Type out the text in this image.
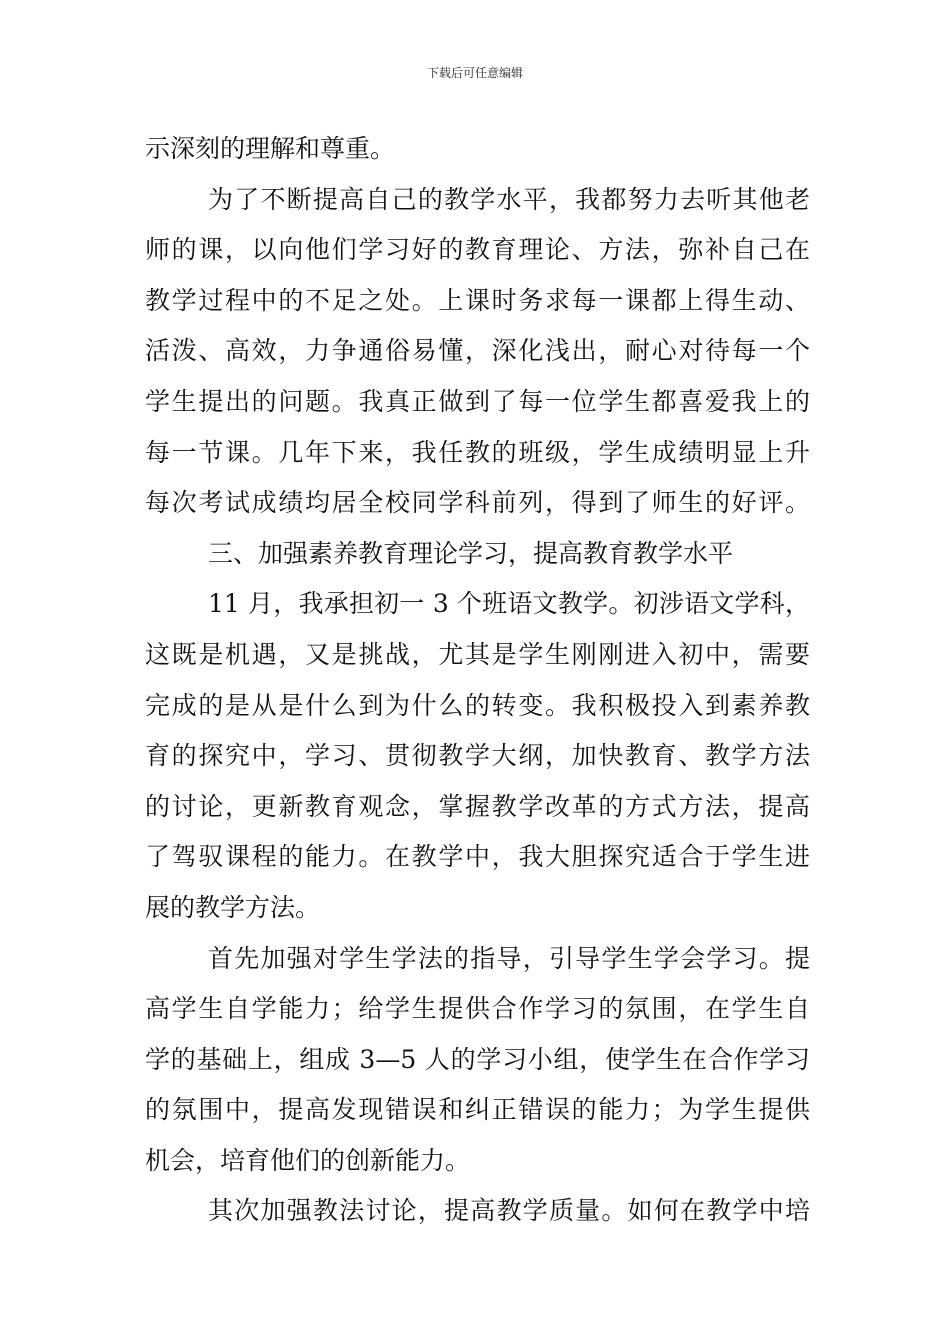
下载后可任意编辑
示深刻的理解和尊重。
为了不断提高自己的教学水平，我都努力去听其他老
师的课，以向他们学习好的教育理论、方法，弥补自己在
教学过程中的不足之处。上课时务求每一课都上得生动、
活泼、高效，力争通俗易懂，深化浅出，耐心对待每一个
学生提出的问题。我真正做到了每一位学生都喜爱我上的
每一节课。几年下来，我任教的班级，学生成绩明显上升
每次考试成绩均居全校同学科前列，得到了师生的好评。
三、加强素养教育理论学习，提高教育教学水平
11 月，我承担初一 3 个班语文教学。初涉语文学科，
这既是机遇，又是挑战，尤其是学生刚刚进入初中，需要
完成的是从是什么到为什么的转变。我积极投入到素养教
育的探究中，学习、贯彻教学大纲，加快教育、教学方法
的讨论，更新教育观念，掌握教学改革的方式方法，提高
了驾驭课程的能力。在教学中，我大胆探究适合于学生进
展的教学方法。
首先加强对学生学法的指导，引导学生学会学习。提
高学生自学能力；给学生提供合作学习的氛围，在学生自
学的基础上，组成 3—5 人的学习小组，使学生在合作学习
的氛围中，提高发现错误和纠正错误的能力；为学生提供
机会，培育他们的创新能力。
其次加强教法讨论，提高教学质量。如何在教学中培
